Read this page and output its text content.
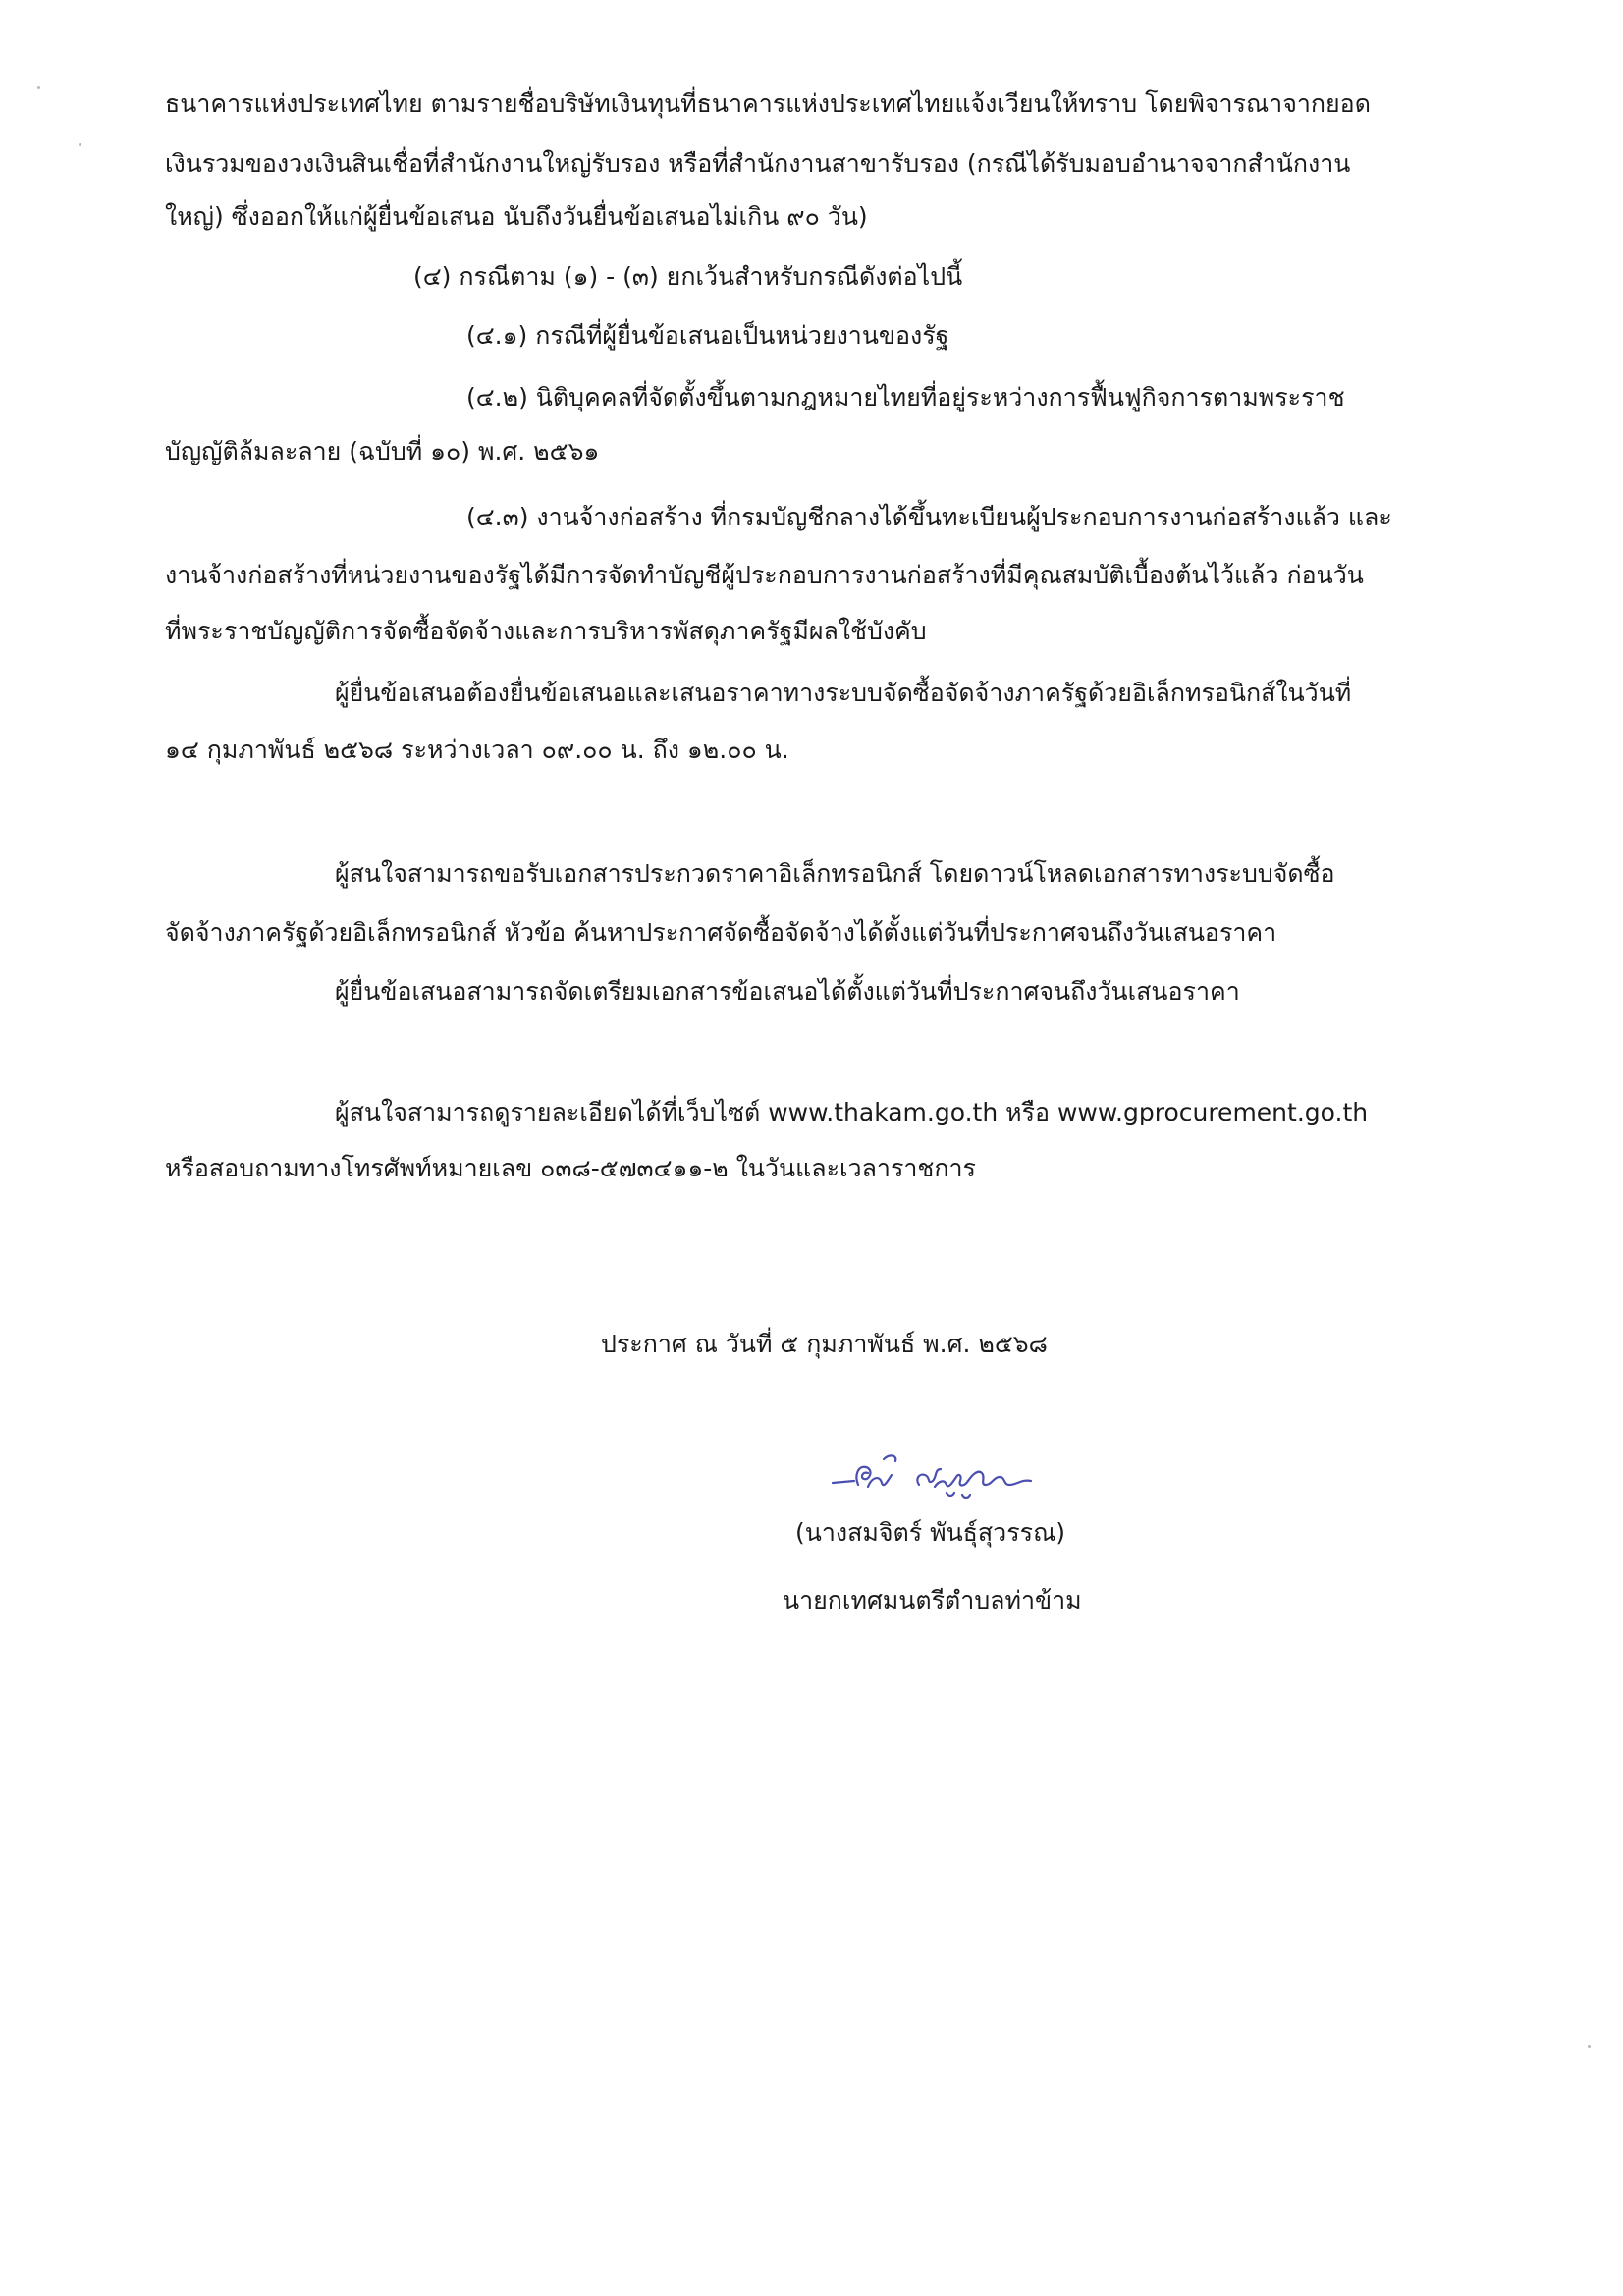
ธนาคารแห่งประเทศไทย ตามรายชื่อบริษัทเงินทุนที่ธนาคารแห่งประเทศไทยแจ้งเวียนให้ทราบ โดยพิจารณาจากยอด
เงินรวมของวงเงินสินเชื่อที่สำนักงานใหญ่รับรอง หรือที่สำนักงานสาขารับรอง (กรณีได้รับมอบอำนาจจากสำนักงาน
ใหญ่) ซึ่งออกให้แก่ผู้ยื่นข้อเสนอ นับถึงวันยื่นข้อเสนอไม่เกิน ๙๐ วัน)
(๔) กรณีตาม (๑) - (๓) ยกเว้นสำหรับกรณีดังต่อไปนี้
(๔.๑) กรณีที่ผู้ยื่นข้อเสนอเป็นหน่วยงานของรัฐ
(๔.๒) นิติบุคคลที่จัดตั้งขึ้นตามกฎหมายไทยที่อยู่ระหว่างการฟื้นฟูกิจการตามพระราช
บัญญัติล้มละลาย (ฉบับที่ ๑๐) พ.ศ. ๒๕๖๑
(๔.๓) งานจ้างก่อสร้าง ที่กรมบัญชีกลางได้ขึ้นทะเบียนผู้ประกอบการงานก่อสร้างแล้ว และ
งานจ้างก่อสร้างที่หน่วยงานของรัฐได้มีการจัดทำบัญชีผู้ประกอบการงานก่อสร้างที่มีคุณสมบัติเบื้องต้นไว้แล้ว ก่อนวัน
ที่พระราชบัญญัติการจัดซื้อจัดจ้างและการบริหารพัสดุภาครัฐมีผลใช้บังคับ
ผู้ยื่นข้อเสนอต้องยื่นข้อเสนอและเสนอราคาทางระบบจัดซื้อจัดจ้างภาครัฐด้วยอิเล็กทรอนิกส์ในวันที่
๑๔ กุมภาพันธ์ ๒๕๖๘ ระหว่างเวลา ๐๙.๐๐ น. ถึง ๑๒.๐๐ น.
ผู้สนใจสามารถขอรับเอกสารประกวดราคาอิเล็กทรอนิกส์ โดยดาวน์โหลดเอกสารทางระบบจัดซื้อ
จัดจ้างภาครัฐด้วยอิเล็กทรอนิกส์ หัวข้อ ค้นหาประกาศจัดซื้อจัดจ้างได้ตั้งแต่วันที่ประกาศจนถึงวันเสนอราคา
ผู้ยื่นข้อเสนอสามารถจัดเตรียมเอกสารข้อเสนอได้ตั้งแต่วันที่ประกาศจนถึงวันเสนอราคา
ผู้สนใจสามารถดูรายละเอียดได้ที่เว็บไซต์ www.thakam.go.th หรือ www.gprocurement.go.th
หรือสอบถามทางโทรศัพท์หมายเลข ๐๓๘-๕๗๓๔๑๑-๒ ในวันและเวลาราชการ
ประกาศ ณ วันที่ ๕ กุมภาพันธ์ พ.ศ. ๒๕๖๘
(นางสมจิตร์ พันธุ์สุวรรณ)
นายกเทศมนตรีตำบลท่าข้าม
